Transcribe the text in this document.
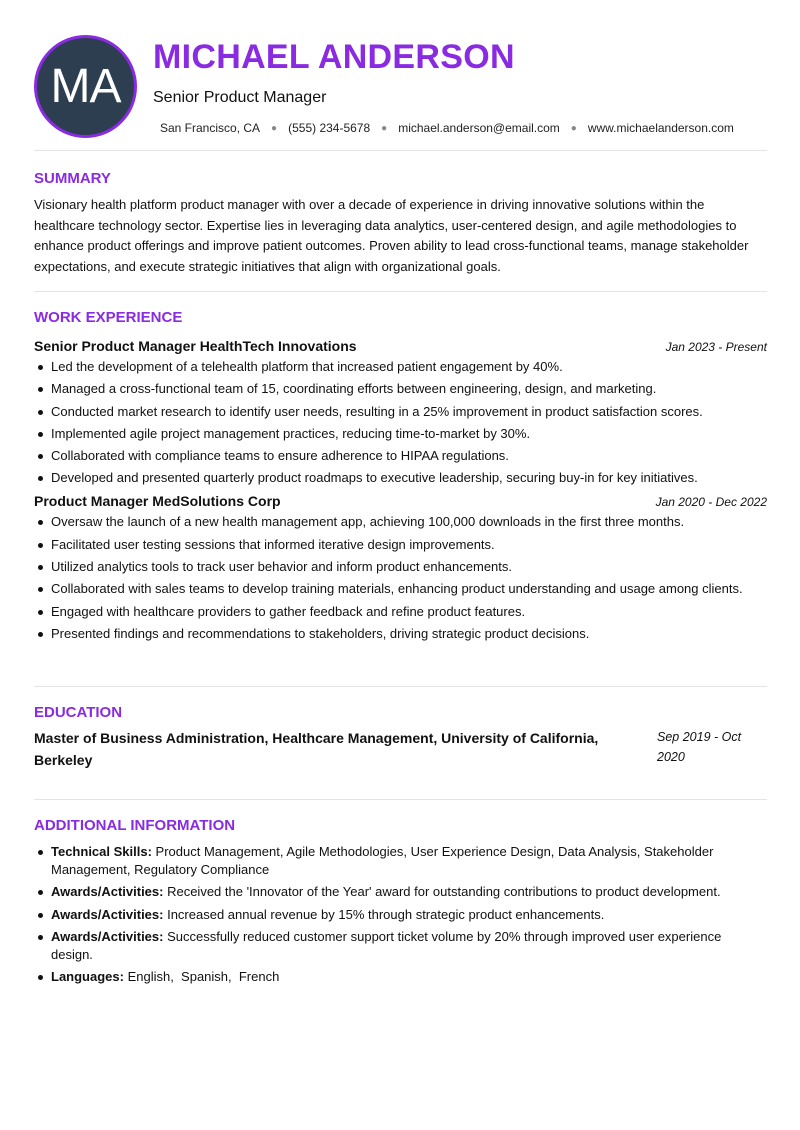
MA
MICHAEL ANDERSON
Senior Product Manager
San Francisco, CA ● (555) 234-5678 ● michael.anderson@email.com ● www.michaelanderson.com
SUMMARY
Visionary health platform product manager with over a decade of experience in driving innovative solutions within the healthcare technology sector. Expertise lies in leveraging data analytics, user-centered design, and agile methodologies to enhance product offerings and improve patient outcomes. Proven ability to lead cross-functional teams, manage stakeholder expectations, and execute strategic initiatives that align with organizational goals.
WORK EXPERIENCE
Senior Product Manager HealthTech Innovations	Jan 2023 - Present
Led the development of a telehealth platform that increased patient engagement by 40%.
Managed a cross-functional team of 15, coordinating efforts between engineering, design, and marketing.
Conducted market research to identify user needs, resulting in a 25% improvement in product satisfaction scores.
Implemented agile project management practices, reducing time-to-market by 30%.
Collaborated with compliance teams to ensure adherence to HIPAA regulations.
Developed and presented quarterly product roadmaps to executive leadership, securing buy-in for key initiatives.
Product Manager MedSolutions Corp	Jan 2020 - Dec 2022
Oversaw the launch of a new health management app, achieving 100,000 downloads in the first three months.
Facilitated user testing sessions that informed iterative design improvements.
Utilized analytics tools to track user behavior and inform product enhancements.
Collaborated with sales teams to develop training materials, enhancing product understanding and usage among clients.
Engaged with healthcare providers to gather feedback and refine product features.
Presented findings and recommendations to stakeholders, driving strategic product decisions.
EDUCATION
Master of Business Administration, Healthcare Management, University of California, Berkeley
Sep 2019 - Oct 2020
ADDITIONAL INFORMATION
Technical Skills: Product Management, Agile Methodologies, User Experience Design, Data Analysis, Stakeholder Management, Regulatory Compliance
Awards/Activities: Received the 'Innovator of the Year' award for outstanding contributions to product development.
Awards/Activities: Increased annual revenue by 15% through strategic product enhancements.
Awards/Activities: Successfully reduced customer support ticket volume by 20% through improved user experience design.
Languages: English,  Spanish,  French
